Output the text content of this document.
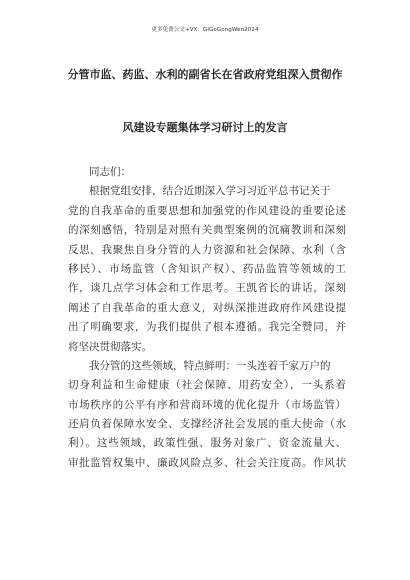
更多免费公文+VX：GiGoGongWen2024
分管市监、药监、水利的副省长在省政府党组深入贯彻作
风建设专题集体学习研讨上的发言
同志们：
根据党组安排，结合近期深入学习习近平总书记关于
党的自我革命的重要思想和加强党的作风建设的重要论述
的深刻感悟，特别是对照有关典型案例的沉痛教训和深刻
反思，我聚焦自身分管的人力资源和社会保障、水利（含
移民）、市场监管（含知识产权）、药品监管等领域的工
作，谈几点学习体会和工作思考。王凯省长的讲话，深刻
阐述了自我革命的重大意义，对纵深推进政府作风建设提
出了明确要求，为我们提供了根本遵循。我完全赞同，并
将坚决贯彻落实。
我分管的这些领域，特点鲜明：一头连着千家万户的
切身利益和生命健康（社会保障、用药安全），一头系着
市场秩序的公平有序和营商环境的优化提升（市场监管）
还肩负着保障水安全、支撑经济社会发展的重大使命（水
利）。这些领域，政策性强、服务对象广、资金流量大、
审批监管权集中、廉政风险点多、社会关注度高。作风状
